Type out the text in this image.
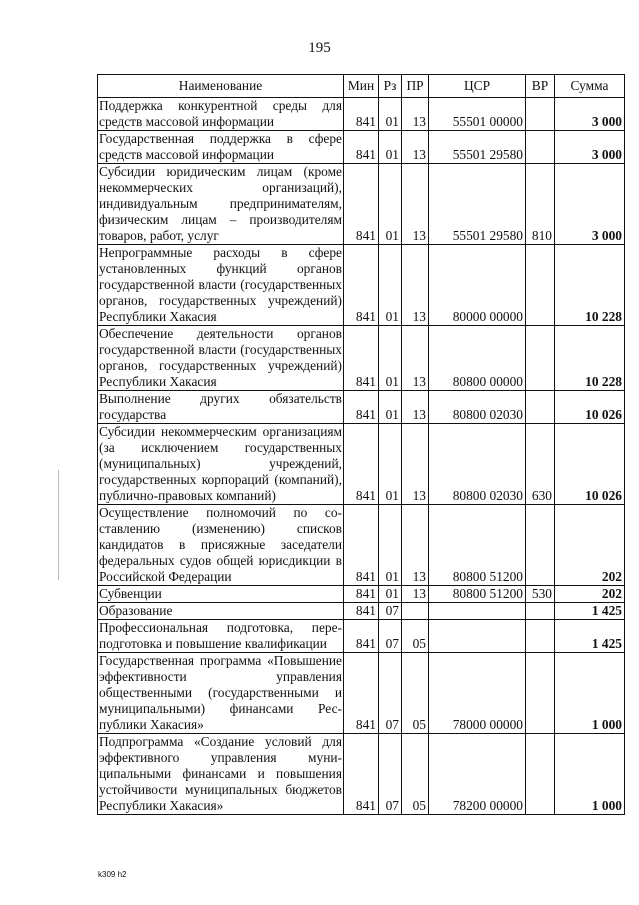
195
Наименование	Мин	Рз	ПР	ЦСР	ВР	Сумма
Поддержка конкурентной среды для средств массовой информации	841	01	13	55501 00000		3 000
Государственная поддержка в сфере средств массовой информации	841	01	13	55501 29580		3 000
Субсидии юридическим лицам (кроме некоммерческих организаций), индивидуальным предпринимателям, физическим лицам – производителям товаров, работ, услуг	841	01	13	55501 29580	810	3 000
Непрограммные расходы в сфере установленных функций органов государственной власти (государственных органов, государственных учреждений) Республики Хакасия	841	01	13	80000 00000		10 228
Обеспечение деятельности органов государственной власти (государственных органов, государственных учреждений) Республики Хакасия	841	01	13	80800 00000		10 228
Выполнение других обязательств государства	841	01	13	80800 02030		10 026
Субсидии некоммерческим организациям (за исключением государственных (муниципальных) учреждений, государственных корпораций (компаний), публично-правовых компаний)	841	01	13	80800 02030	630	10 026
Осуществление полномочий по составлению (изменению) списков кандидатов в присяжные заседатели федеральных судов общей юрисдикции в Российской Федерации	841	01	13	80800 51200		202
Субвенции	841	01	13	80800 51200	530	202
Образование	841	07				1 425
Профессиональная подготовка, переподготовка и повышение квалификации	841	07	05			1 425
Государственная программа «Повышение эффективности управления общественными (государственными и муниципальными) финансами Республики Хакасия»	841	07	05	78000 00000		1 000
Подпрограмма «Создание условий для эффективного управления муниципальными финансами и повышения устойчивости муниципальных бюджетов Республики Хакасия»	841	07	05	78200 00000		1 000
k309 h2
